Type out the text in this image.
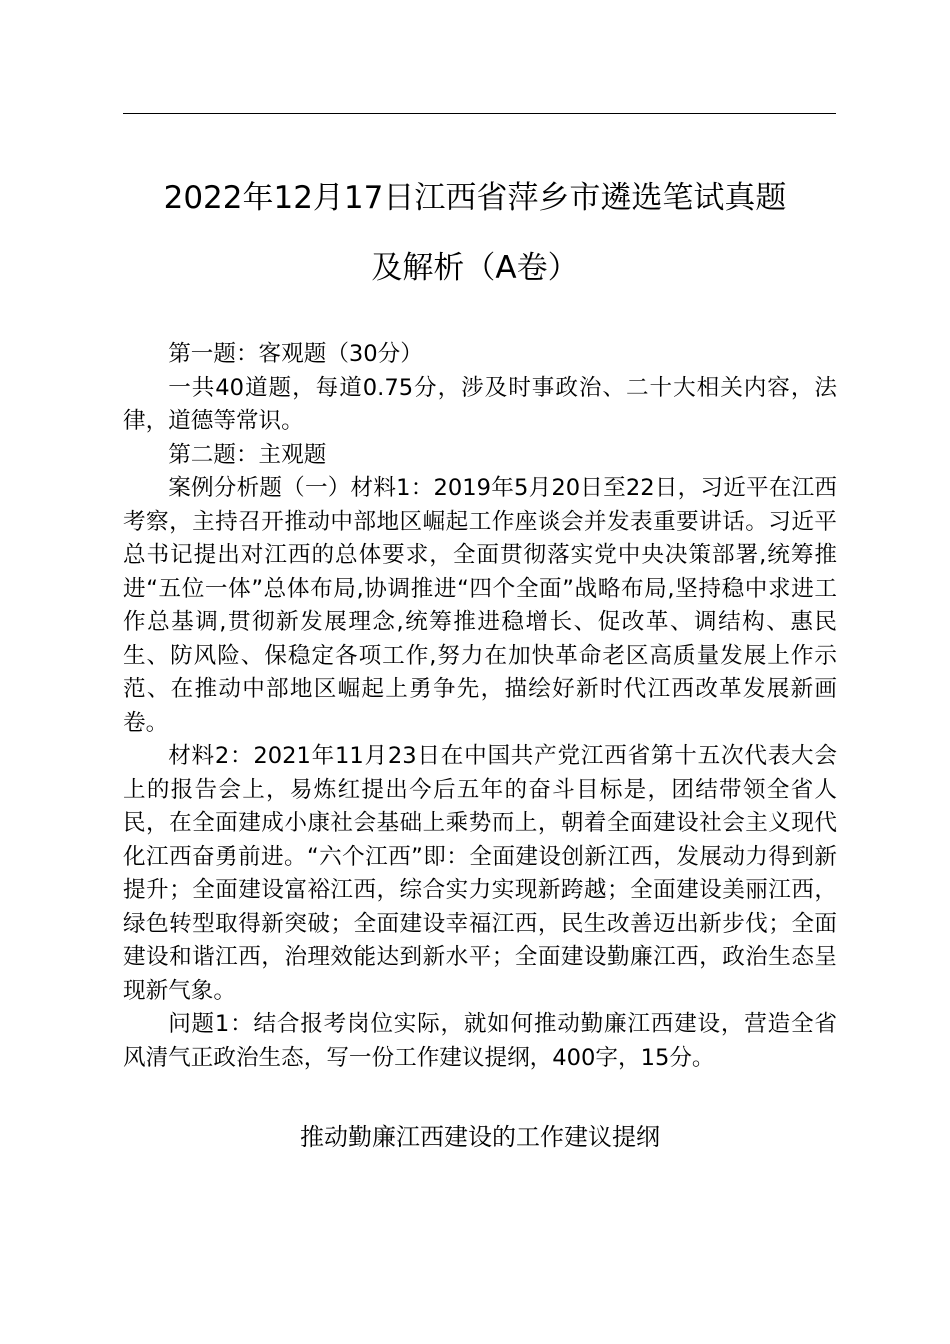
2022年12月17日江西省萍乡市遴选笔试真题
及解析（A卷）

第一题：客观题（30分）

一共40道题，每道0.75分，涉及时事政治、二十大相关内容，法律，道德等常识。

第二题：主观题

案例分析题（一）材料1：2019年5月20日至22日，习近平在江西考察，主持召开推动中部地区崛起工作座谈会并发表重要讲话。习近平总书记提出对江西的总体要求，全面贯彻落实党中央决策部署,统筹推进“五位一体”总体布局,协调推进“四个全面”战略布局,坚持稳中求进工作总基调,贯彻新发展理念,统筹推进稳增长、促改革、调结构、惠民生、防风险、保稳定各项工作,努力在加快革命老区高质量发展上作示范、在推动中部地区崛起上勇争先，描绘好新时代江西改革发展新画卷。

材料2：2021年11月23日在中国共产党江西省第十五次代表大会上的报告会上，易炼红提出今后五年的奋斗目标是，团结带领全省人民，在全面建成小康社会基础上乘势而上，朝着全面建设社会主义现代化江西奋勇前进。“六个江西”即：全面建设创新江西，发展动力得到新提升；全面建设富裕江西，综合实力实现新跨越；全面建设美丽江西，绿色转型取得新突破；全面建设幸福江西，民生改善迈出新步伐；全面建设和谐江西，治理效能达到新水平；全面建设勤廉江西，政治生态呈现新气象。

问题1：结合报考岗位实际，就如何推动勤廉江西建设，营造全省风清气正政治生态，写一份工作建议提纲，400字，15分。

推动勤廉江西建设的工作建议提纲
